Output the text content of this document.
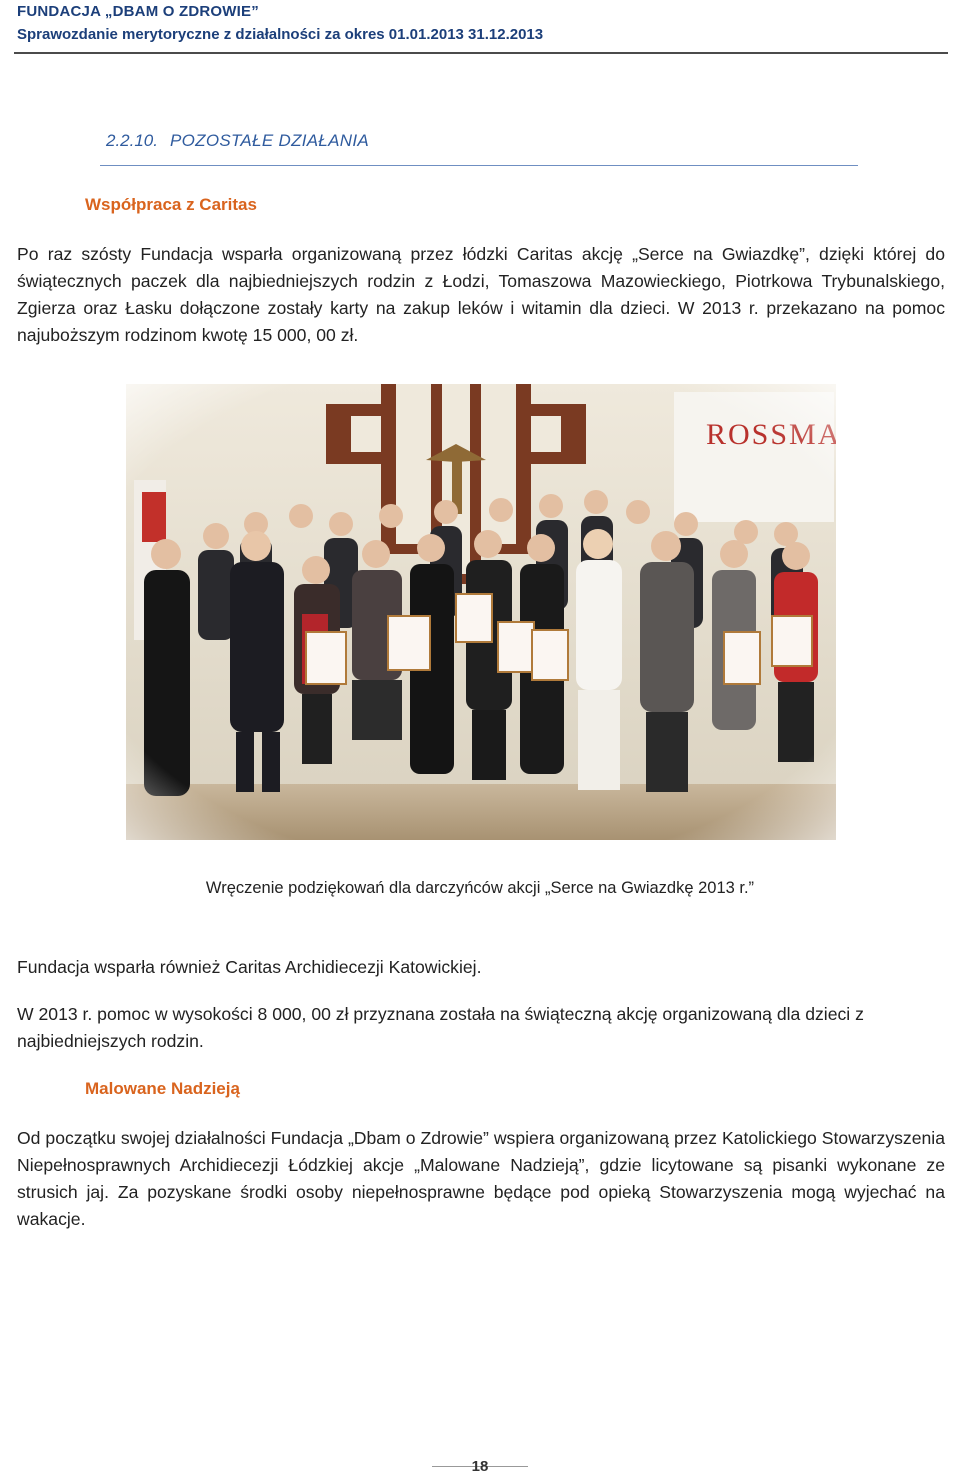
FUNDACJA „DBAM O ZDROWIE”
Sprawozdanie merytoryczne z działalności za okres 01.01.2013 31.12.2013
2.2.10. POZOSTAŁE DZIAŁANIA
Współpraca z Caritas
Po raz szósty Fundacja wsparła organizowaną przez łódzki Caritas akcję „Serce na Gwiazdkę”, dzięki której do świątecznych paczek dla najbiedniejszych rodzin z Łodzi, Tomaszowa Mazowieckiego, Piotrkowa Trybunalskiego, Zgierza oraz Łasku dołączone zostały karty na zakup leków i witamin dla dzieci. W 2013 r. przekazano na pomoc najuboższym rodzinom kwotę 15 000, 00 zł.
Wręczenie podziękowań dla darczyńców akcji „Serce na Gwiazdkę 2013 r.”
Fundacja wsparła również Caritas Archidiecezji Katowickiej.
W 2013 r. pomoc w wysokości 8 000, 00 zł przyznana została na świąteczną akcję organizowaną dla dzieci z najbiedniejszych rodzin.
Malowane Nadzieją
Od początku swojej działalności Fundacja „Dbam o Zdrowie” wspiera organizowaną przez Katolickiego Stowarzyszenia Niepełnosprawnych Archidiecezji Łódzkiej akcje „Malowane Nadzieją”, gdzie licytowane są pisanki wykonane ze strusich jaj. Za pozyskane środki osoby niepełnosprawne będące pod opieką Stowarzyszenia mogą wyjechać na wakacje.
18
